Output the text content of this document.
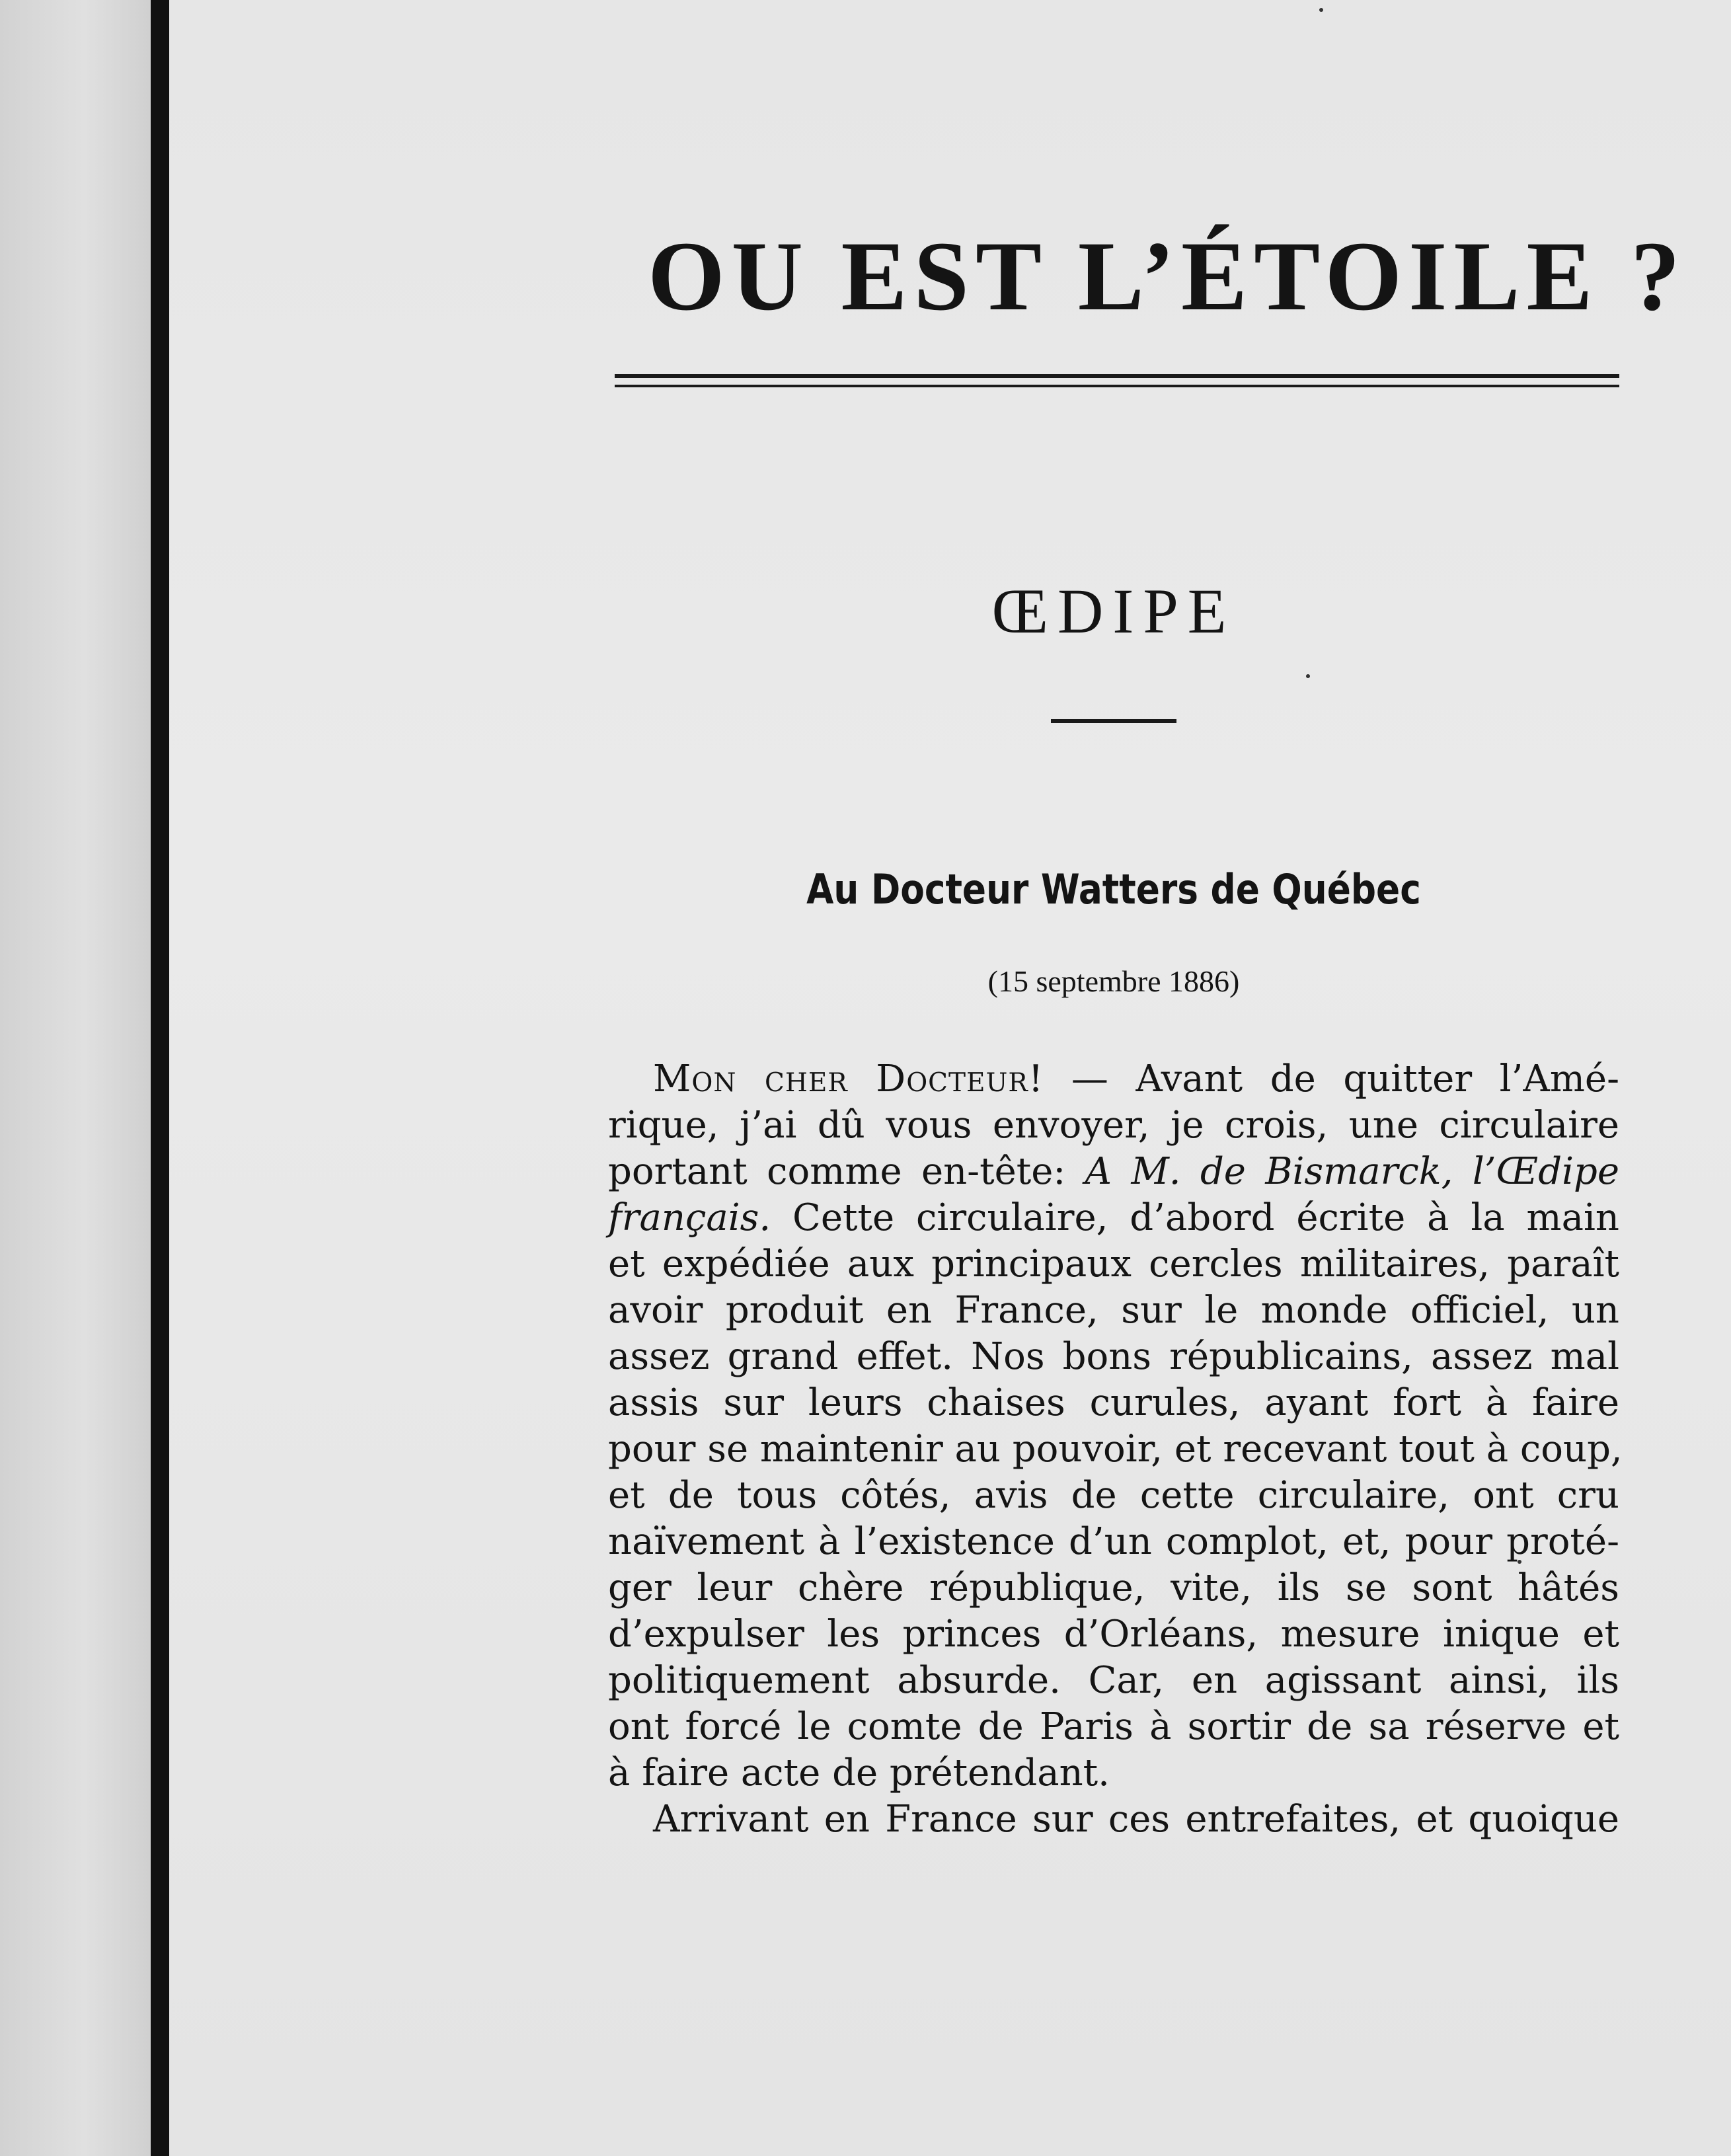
OU EST L’ÉTOILE ?
ŒDIPE
Au Docteur Watters de Québec
(15 septembre 1886)
Mon cher Docteur! — Avant de quitter l’Amé-
rique, j’ai dû vous envoyer, je crois, une circulaire
portant comme en-tête: A M. de Bismarck, l’Œdipe
français. Cette circulaire, d’abord écrite à la main
et expédiée aux principaux cercles militaires, paraît
avoir produit en France, sur le monde officiel, un
assez grand effet. Nos bons républicains, assez mal
assis sur leurs chaises curules, ayant fort à faire
pour se maintenir au pouvoir, et recevant tout à coup,
et de tous côtés, avis de cette circulaire, ont cru
naïvement à l’existence d’un complot, et, pour proté-
ger leur chère république, vite, ils se sont hâtés
d’expulser les princes d’Orléans, mesure inique et
politiquement absurde. Car, en agissant ainsi, ils
ont forcé le comte de Paris à sortir de sa réserve et
à faire acte de prétendant.
Arrivant en France sur ces entrefaites, et quoique
